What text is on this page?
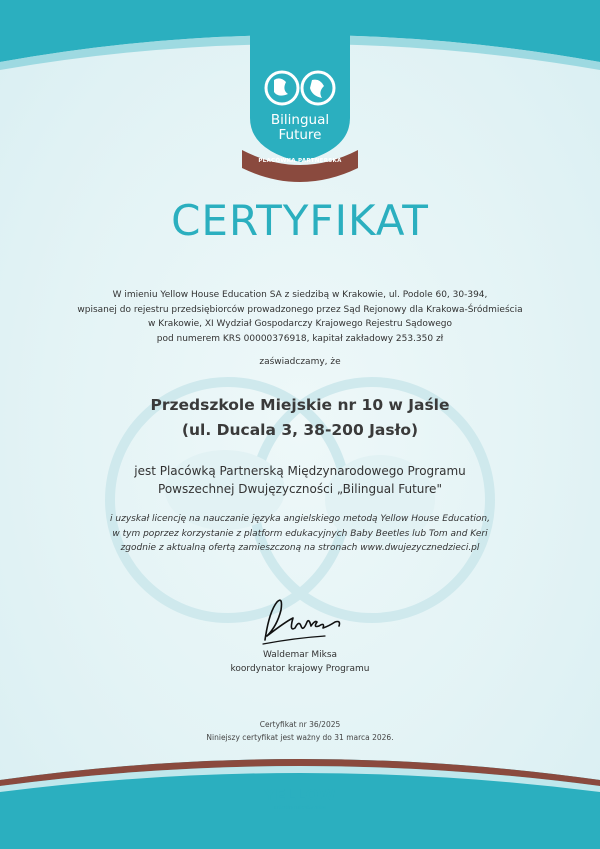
Bilingual
Future
PLACÓWKA PARTNERSKA
CERTYFIKAT
W imieniu Yellow House Education SA z siedzibą w Krakowie, ul. Podole 60, 30-394,
wpisanej do rejestru przedsiębiorców prowadzonego przez Sąd Rejonowy dla Krakowa-Śródmieścia
w Krakowie, XI Wydział Gospodarczy Krajowego Rejestru Sądowego
pod numerem KRS 00000376918, kapitał zakładowy 253.350 zł
zaświadczamy, że
Przedszkole Miejskie nr 10 w Jaśle
(ul. Ducala 3, 38-200 Jasło)
jest Placówką Partnerską Międzynarodowego Programu
Powszechnej Dwujęzyczności „Bilingual Future"
i uzyskał licencję na nauczanie języka angielskiego metodą Yellow House Education,
w tym poprzez korzystanie z platform edukacyjnych Baby Beetles lub Tom and Keri
zgodnie z aktualną ofertą zamieszczoną na stronach www.dwujezycznedzieci.pl
Waldemar Miksa
koordynator krajowy Programu
Certyfikat nr 36/2025
Niniejszy certyfikat jest ważny do 31 marca 2026.
YELLOW
HOUSE EDUCATION
